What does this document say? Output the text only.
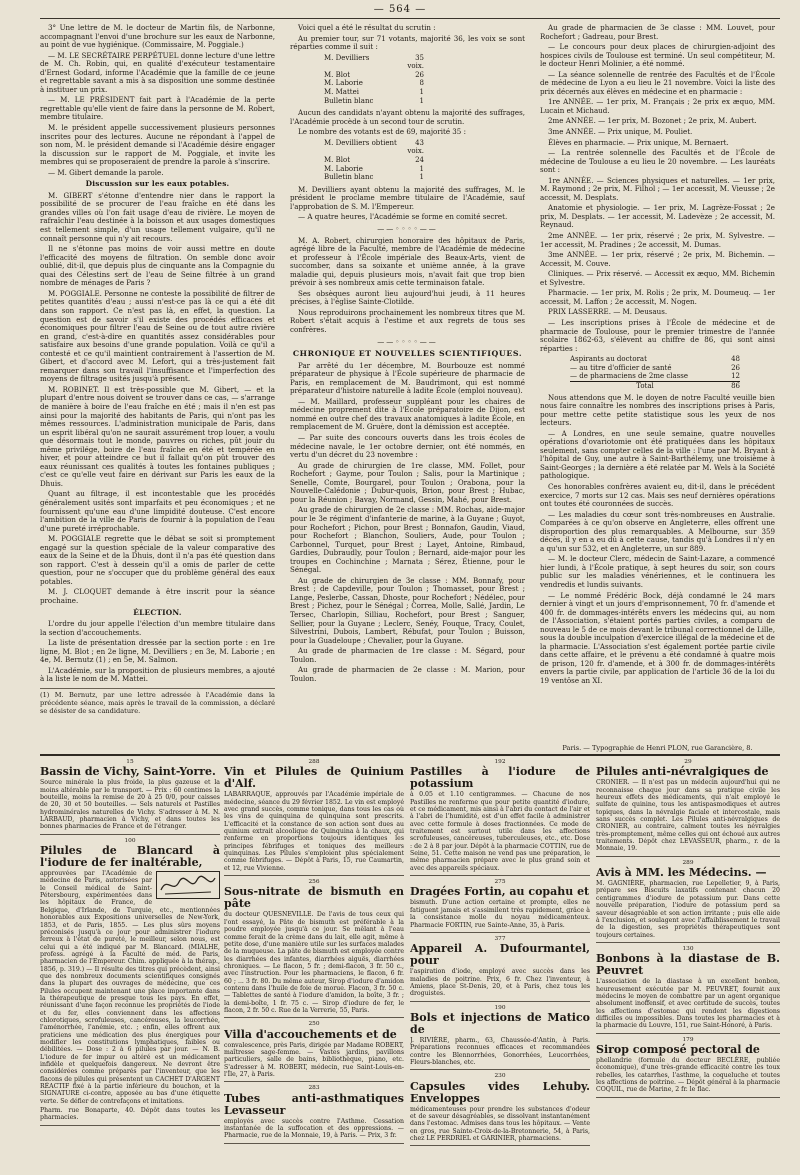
— 564 —

3° Une lettre de M. le docteur de Martin fils, de Narbonne, accompagnant l'envoi d'une brochure sur les eaux de Narbonne, au point de vue hygiénique. (Commissaire, M. Poggiale.)

— M. LE SECRÉTAIRE PERPÉTUEL donne lecture d'une lettre de M. Ch. Robin, qui, en qualité d'exécuteur testamentaire d'Ernest Godard, informe l'Académie que la famille de ce jeune et regrettable savant a mis à sa disposition une somme destinée à instituer un prix.

— M. LE PRÉSIDENT fait part à l'Académie de la perte regrettable qu'elle vient de faire dans la personne de M. Robert, membre titulaire.

M. le président appelle successivement plusieurs personnes inscrites pour des lectures. Aucune ne répondant à l'appel de son nom, M. le président demande si l'Académie désire engager la discussion sur le rapport de M. Poggiale, et invite les membres qui se proposeraient de prendre la parole à s'inscrire.

— M. Gibert demande la parole.

Discussion sur les eaux potables.

M. GIBERT s'étonne d'entendre nier dans le rapport la possibilité de se procurer de l'eau fraîche en été dans les grandes villes où l'on fait usage d'eau de rivière. Le moyen de rafraîchir l'eau destinée à la boisson et aux usages domestiques est tellement simple, d'un usage tellement vulgaire, qu'il ne connaît personne qui n'y ait recours.

Il ne s'étonne pas moins de voir aussi mettre en doute l'efficacité des moyens de filtration. On semble donc avoir oublié, dit-il, que depuis plus de cinquante ans la Compagnie du quai des Célestins sert de l'eau de Seine filtrée à un grand nombre de ménages de Paris ?

M. POGGIALE. Personne ne conteste la possibilité de filtrer de petites quantités d'eau ; aussi n'est-ce pas là ce qui a été dit dans son rapport. Ce n'est pas là, en effet, la question. La question est de savoir s'il existe des procédés efficaces et économiques pour filtrer l'eau de Seine ou de tout autre rivière en grand, c'est-à-dire en quantités assez considérables pour satisfaire aux besoins d'une grande population. Voilà ce qu'il a contesté et ce qu'il maintient contrairement à l'assertion de M. Gibert, et d'accord avec M. Lefort, qui a très-justement fait remarquer dans son travail l'insuffisance et l'imperfection des moyens de filtrage usités jusqu'à présent.

M. ROBINET. Il est très-possible que M. Gibert, — et la plupart d'entre nous doivent se trouver dans ce cas, — s'arrange de manière à boire de l'eau fraîche en été ; mais il n'en est pas ainsi pour la majorité des habitants de Paris, qui n'ont pas les mêmes ressources. L'administration municipale de Paris, dans un esprit libéral qu'on ne saurait assurément trop louer, a voulu que désormais tout le monde, pauvres ou riches, pût jouir du même privilége, boire de l'eau fraîche en été et tempérée en hiver, et pour atteindre ce but il fallait qu'on pût trouver des eaux réunissant ces qualités à toutes les fontaines publiques ; c'est ce qu'elle veut faire en dérivant sur Paris les eaux de la Dhuis.

Quant au filtrage, il est incontestable que les procédés généralement usités sont imparfaits et peu économiques ; et ne fournissent qu'une eau d'une limpidité douteuse. C'est encore l'ambition de la ville de Paris de fournir à la population de l'eau d'une pureté irréprochable.

M. POGGIALE regrette que le débat se soit si promptement engagé sur la question spéciale de la valeur comparative des eaux de la Seine et de la Dhuis, dont il n'a pas été question dans son rapport. C'est à dessein qu'il a omis de parler de cette question, pour ne s'occuper que du problème général des eaux potables.

M. J. CLOQUET demande à être inscrit pour la séance prochaine.

ÉLECTION.

L'ordre du jour appelle l'élection d'un membre titulaire dans la section d'accouchements.

La liste de présentation dressée par la section porte : en 1re ligne, M. Blot ; en 2e ligne, M. Devilliers ; en 3e, M. Laborie ; en 4e, M. Bernutz (1) ; en 5e, M. Salmon.

L'Académie, sur la proposition de plusieurs membres, a ajouté à la liste le nom de M. Mattei.

(1) M. Bernutz, par une lettre adressée à l'Académie dans la précédente séance, mais après le travail de la commission, a déclaré se désister de sa candidature.

Voici quel a été le résultat du scrutin :

Au premier tour, sur 71 votants, majorité 36, les voix se sont réparties comme il suit :

M. Devilliers	35 voix.
M. Blot	26
M. Laborie	8
M. Mattei	1
Bulletin blanc	1

Aucun des candidats n'ayant obtenu la majorité des suffrages, l'Académie procède à un second tour de scrutin.

Le nombre des votants est de 69, majorité 35 :

M. Devilliers obtient	43 voix.
M. Blot	24
M. Laborie	1
Bulletin blanc	1

M. Devilliers ayant obtenu la majorité des suffrages, M. le président le proclame membre titulaire de l'Académie, sauf l'approbation de S. M. l'Empereur.

— A quatre heures, l'Académie se forme en comité secret.

——◦◦◦◦——

M. A. Robert, chirurgien honoraire des hôpitaux de Paris, agrégé libre de la Faculté, membre de l'Académie de médecine et professeur à l'École impériale des Beaux-Arts, vient de succomber, dans sa soixante et unième année, à la grave maladie qui, depuis plusieurs mois, n'avait fait que trop bien prévoir à ses nombreux amis cette terminaison fatale.

Ses obsèques auront lieu aujourd'hui jeudi, à 11 heures précises, à l'église Sainte-Clotilde.

Nous reproduirons prochainement les nombreux titres que M. Robert s'était acquis à l'estime et aux regrets de tous ses confrères.

——◦◦◦◦——
CHRONIQUE ET NOUVELLES SCIENTIFIQUES.

Par arrêté du 1er décembre, M. Bourbouze est nommé préparateur de physique à l'École supérieure de pharmacie de Paris, en remplacement de M. Baudrimont, qui est nommé préparateur d'histoire naturelle à ladite École (emploi nouveau).

— M. Maillard, professeur suppléant pour les chaires de médecine proprement dite à l'École préparatoire de Dijon, est nommé en outre chef des travaux anatomiques à ladite École, en remplacement de M. Gruère, dont la démission est acceptée.

— Par suite des concours ouverts dans les trois écoles de médecine navale, le 1er octobre dernier, ont été nommés, en vertu d'un décret du 23 novembre :

Au grade de chirurgien de 1re classe, MM. Follet, pour Rochefort ; Gayme, pour Toulon ; Salis, pour la Martinique ; Senelle, Comte, Bourgarel, pour Toulon ; Orabona, pour la Nouvelle-Calédonie ; Dubur-quois, Brion, pour Brest ; Hubac, pour la Réunion ; Bavay, Normand, Gessin, Mahé, pour Brest.

Au grade de chirurgien de 2e classe : MM. Rochas, aide-major pour le 3e régiment d'infanterie de marine, à la Guyane ; Guyot, pour Rochefort ; Pichon, pour Brest ; Bonnafon, Gaudin, Viaud, pour Rochefort ; Blanchon, Souliers, Aude, pour Toulon ; Carbonnel, Turquet, pour Brest ; Layet, Antoine, Rimbaud, Gardies, Dubraudly, pour Toulon ; Bernard, aide-major pour les troupes en Cochinchine ; Marnata ; Sérez, Étienne, pour le Sénégal.

Au grade de chirurgien de 3e classe : MM. Bonnafy, pour Brest ; de Capdeville, pour Toulon ; Thomasset, pour Brest ; Lange, Peslerbe, Cassan, Dhoste, pour Rochefort ; Nédélec, pour Brest ; Pichez, pour le Sénégal ; Correa, Molle, Sallé, Jardin, Le Tersec, Charlopin, Silliau, Rochefort, pour Brest ; Sanguer, Sellier, pour la Guyane ; Leclerc, Senéy, Fouque, Tracy, Coulet, Silvestrini, Dubois, Lambert, Rébufat, pour Toulon ; Buisson, pour la Guadeloupe ; Chevalier, pour la Guyane.

Au grade de pharmacien de 1re classe : M. Ségard, pour Toulon.

Au grade de pharmacien de 2e classe : M. Marion, pour Toulon.

Au grade de pharmacien de 3e classe : MM. Louvet, pour Rochefort ; Gadreau, pour Brest.

— Le concours pour deux places de chirurgien-adjoint des hospices civils de Toulouse est terminé. Un seul compétiteur, M. le docteur Henri Molinier, a été nommé.

— La séance solennelle de rentrée des Facultés et de l'École de médecine de Lyon a eu lieu le 21 novembre. Voici la liste des prix décernés aux élèves en médecine et en pharmacie :

1re ANNÉE. — 1er prix, M. Français ; 2e prix ex æquo, MM. Lucain et Michaud.

2me ANNÉE. — 1er prix, M. Bozonet ; 2e prix, M. Aubert.

3me ANNÉE. — Prix unique, M. Pouliet.

Élèves en pharmacie. — Prix unique, M. Bernaert.

— La rentrée solennelle des Facultés et de l'École de médecine de Toulouse a eu lieu le 20 novembre. — Les lauréats sont :

1re ANNÉE. — Sciences physiques et naturelles. — 1er prix, M. Raymond ; 2e prix, M. Filhol ; — 1er accessit, M. Vieusse ; 2e accessit, M. Desplats.

Anatomie et physiologie. — 1er prix, M. Lagrèze-Fossat ; 2e prix, M. Desplats. — 1er accessit, M. Ladevèze ; 2e accessit, M. Reynaud.

2me ANNÉE. — 1er prix, réservé ; 2e prix, M. Sylvestre. — 1er accessit, M. Pradines ; 2e accessit, M. Dumas.

3me ANNÉE. — 1er prix, réservé ; 2e prix, M. Bichemin. — Accessit, M. Couve.

Cliniques. — Prix réservé. — Accessit ex æquo, MM. Bichemin et Sylvestre.

Pharmacie. — 1er prix, M. Rolis ; 2e prix, M. Doumeuq. — 1er accessit, M. Laffon ; 2e accessit, M. Nogen.

PRIX LASSERRE. — M. Deusaus.

— Les inscriptions prises à l'École de médecine et de pharmacie de Toulouse, pour le premier trimestre de l'année scolaire 1862-63, s'élèvent au chiffre de 86, qui sont ainsi réparties :

Aspirants au doctorat	48
— au titre d'officier de santé	26
— de pharmaciens de 2me classe	12
Total	86

Nous attendons que M. le doyen de notre Faculté veuille bien nous faire connaître les nombres des inscriptions prises à Paris, pour mettre cette petite statistique sous les yeux de nos lecteurs.

— A Londres, en une seule semaine, quatre nouvelles opérations d'ovariotomie ont été pratiquées dans les hôpitaux seulement, sans compter celles de la ville : l'une par M. Bryant à l'hôpital de Guy, une autre à Saint-Barthélemy, une troisième à Saint-Georges ; la dernière a été relatée par M. Wels à la Société pathologique.

Ces honorables confrères avaient eu, dit-il, dans le précédent exercice, 7 morts sur 12 cas. Mais ses neuf dernières opérations ont toutes été couronnées de succès.

— Les maladies du cœur sont très-nombreuses en Australie. Comparées à ce qu'on observe en Angleterre, elles offrent une disproportion des plus remarquables. A Melbourne, sur 359 décès, il y en a eu dû à cette cause, tandis qu'à Londres il n'y en a qu'un sur 532, et en Angleterre, un sur 889.

— M. le docteur Clerc, médecin de Saint-Lazare, a commencé hier lundi, à l'École pratique, à sept heures du soir, son cours public sur les maladies vénériennes, et le continuera les vendredis et lundis suivants.

— Le nommé Frédéric Bock, déjà condamné le 24 mars dernier à vingt et un jours d'emprisonnement, 70 fr. d'amende et 400 fr. de dommages-intérêts envers les médecins qui, au nom de l'Association, s'étaient portés parties civiles, a comparu de nouveau le 5 de ce mois devant le tribunal correctionnel de Lille, sous la double inculpation d'exercice illégal de la médecine et de la pharmacie. L'Association s'est également portée partie civile dans cette affaire, et le prévenu a été condamné à quatre mois de prison, 120 fr. d'amende, et à 300 fr. de dommages-intérêts envers la partie civile, par application de l'article 36 de la loi du 19 ventôse an XI.

Paris. — Typographie de Henri PLON, rue Garancière, 8.
15
Bassin de Vichy, Saint-Yorre.
Source minérale la plus froide, la plus gazeuse et la moins altérable par le transport. — Prix : 60 centimes la bouteille, moins la remise de 20 à 25 0/0, pour caisses de 20, 30 et 50 bouteilles. — Sels naturels et Pastilles hydrominérales naturelles de Vichy. S'adresser à M. N. LARBAUD, pharmacien à Vichy, et dans toutes les bonnes pharmacies de France et de l'étranger.
100
Pilules de Blancard à l'iodure de fer inaltérable,
approuvées par l'Académie de médecine de Paris, autorisées par le Conseil médical de Saint-Pétersbourg, expérimentées dans les hôpitaux de France, de Belgique, d'Irlande, de Turquie, etc., mentionnées honorables aux Expositions universelles de New-York, 1853, et de Paris, 1855. — Les plus sûrs moyens préconisés jusqu'à ce jour pour administrer l'iodure ferreux à l'état de pureté, le meilleur, selon nous, est celui qui a été indiqué par M. Blancard. (MIALHE, profess. agrégé à la Faculté de méd. de Paris, pharmacien de l'Empereur. Chim. appliquée à la thérap., 1856, p. 319.) — Il résulte des titres qui précèdent, ainsi que des nombreux documents scientifiques consignés dans la plupart des ouvrages de médecine, que ces Pilules occupent maintenant une place importante dans la thérapeutique de presque tous les pays. En effet, réunissant d'une façon reconnue les propriétés de l'iode et du fer, elles conviennent dans les affections chlorotiques, scrofuleuses, cancéreuses, la leucorrhée, l'aménorrhée, l'anémie, etc. ; enfin, elles offrent aux praticiens une médication des plus énergiques pour modifier les constitutions lymphatiques, faibles ou débilitées. — Dose : 2 à 6 pilules par jour. — N. B. L'iodure de fer impur ou altéré est un médicament infidèle et quelquefois dangereux. Ne devront être considérées comme préparés par l'inventeur, que les flacons de pilules qui présentent un CACHET D'ARGENT RÉACTIF fixé à la partie inférieure du bouchon, et la SIGNATURE ci-contre, apposée au bas d'une étiquette verte. Se défier de contrefaçons et imitations.
Pharm. rue Bonaparte, 40. Dépôt dans toutes les pharmacies.
288
Vin et Pilules de Quinium d'Alf.
LABARRAQUE, approuvés par l'Académie impériale de médecine, séance du 29 février 1852. Le vin est employé avec grand succès, comme tonique, dans tous les cas où les vins de quinquina de quinquina sont prescrits. L'efficacité et la constance de son action sont dues au quinium extrait alcoolique de Quinquina à la chaux, qui renferme en proportions toujours identiques les principes fébrifuges et toniques des meilleurs quinquinas. Les Pilules s'emploient plus spécialement comme fébrifuges. — Dépôt à Paris, 15, rue Caumartin, et 12, rue Vivienne.
256
Sous-nitrate de bismuth en pâte
du docteur QUESNEVILLE. De l'avis de tous ceux qui l'ont essayé, la Pâte de bismuth est préférable à la poudre employée jusqu'à ce jour. Se mêlant à l'eau comme ferait de la crème dans du lait, elle agit, même à petite dose, d'une manière utile sur les surfaces malades de la muqueuse. La pâte de bismuth est employée contre les diarrhées des infantes, diarrhées aiguës, diarrhées chroniques. — Le flacon, 5 fr. ; demi-flacon, 3 fr. 50 c., avec l'instruction. Pour les pharmaciens, le flacon, 6 fr. 60 ; ... 3 fr. 80. Du même auteur, Sirop d'iodure d'amidon contenu dans l'huile de foie de morue. Flacon, 3 fr. 50 c. — Tablettes de santé à l'iodure d'amidon, la boîte, 3 fr. ; la demi-boîte, 1 fr. 75 c. — Sirop d'iodure de fer, le flacon, 2 fr. 50 c. Rue de la Verrerie, 55, Paris.
250
Villa d'accouchements et de
convalescence, près Paris, dirigée par Madame ROBERT, maîtresse sage-femme. — Vastes jardins, pavillons particuliers, salle de bains, bibliothèque, piano, etc. S'adresser à M. ROBERT, médecin, rue Saint-Louis-en-l'Île, 27, à Paris.
283
Tubes anti-asthmatiques Levasseur
employés avec succès contre l'Asthme. Cessation instantanée de la suffocation et des oppressions. — Pharmacie, rue de la Monnaie, 19, à Paris. — Prix, 3 fr.
192
Pastilles à l'iodure de potassium
à 0.05 et 1.10 centigrammes. — Chacune de nos Pastilles ne renferme que pour petite quantité d'iodure, et ce médicament, mis ainsi à l'abri du contact de l'air et à l'abri de l'humidité, est d'un effet facile à administrer avec cette formule à doses fractionnées. Ce mode de traitement est surtout utile dans les affections scrofuleuses, cancéreuses, tuberculeuses, etc., etc. Dose : de 2 à 8 par jour. Dépôt à la pharmacie COTTIN, rue de Seine, 51. Cette maison ne vend pas une préparation, le même pharmacien prépare avec le plus grand soin et avec des appareils spéciaux.
275
Dragées Fortin, au copahu et
bismuth. D'une action certaine et prompte, elles ne fatiguent jamais et s'assimilent très rapidement, grâce à la consistance molle du noyau médicamenteux. Pharmacie FORTIN, rue Sainte-Anne, 35, à Paris.
377
Appareil A. Dufourmantel, pour
l'aspiration d'iode, employé avec succès dans les maladies de poitrine. Prix, 6 fr. Chez l'inventeur, à Amiens, place St-Denis, 20, et à Paris, chez tous les droguistes.
190
Bols et injections de Matico de
J. RIVIÈRE, pharm., 63, Chaussée-d'Antin, à Paris. Préparations reconnues efficaces et recommandées contre les Blennorrhées, Gonorrhées, Leucorrhées, Fleurs-blanches, etc.
230
Capsules vides Lehuby. Enveloppes
médicamenteuses pour prendre les substances d'odeur et de saveur désagréables, se dissolvant instantanément dans l'estomac. Admises dans tous les hôpitaux. — Vente en gros, rue Sainte-Croix-de-la-Bretonnerie, 54, à Paris, chez LE PERDRIEL et GARINIER, pharmaciens.
29
Pilules anti-névralgiques de
CRONIER. — Il n'est pas un médecin aujourd'hui qui ne reconnaisse chaque jour dans sa pratique civile les heureux effets des médicaments, qui n'ait employé le sulfate de quinine, tous les antispasmodiques et autres topiques, dans la névralgie faciale et intercostale, mais sans succès complet. Les Pilules anti-névralgiques de CRONIER, au contraire, calment toutes les névralgies très-promptement, même celles qui ont échoué aux autres traitements. Dépôt chez LEVASSEUR, pharm., r. de la Monnaie, 19.
289
Avis à MM. les Médecins. —
M. GAGNIÈRE, pharmacien, rue Lepelletier, 9, à Paris, prépare ses Biscuits laxatifs contenant chacun 20 centigrammes d'iodure de potassium pur. Dans cette nouvelle préparation, l'iodure de potassium perd sa saveur désagréable et son action irritante ; puis elle aide à l'exclusion, et soulagent avec l'affaiblissement le travail de la digestion, ses propriétés thérapeutiques sont toujours certaines.
130
Bonbons à la diastase de B. Peuvret
L'association de la diastase à un excellent bonbon, heureusement exécutée par M. PEUVRET, fournit aux médecins le moyen de combattre par un agent organique absolument inoffensif, et avec certitude de succès, toutes les affections d'estomac qui rendent les digestions difficiles ou impossibles. Dans toutes les pharmacies et à la pharmacie du Louvre, 151, rue Saint-Honoré, à Paris.
179
Sirop composé pectoral de
phellandrie (formule du docteur BECLÈRE, publiée économique), d'une très-grande efficacité contre les toux rebelles, les catarrhes, l'asthme, la coqueluche et toutes les affections de poitrine. — Dépôt général à la pharmacie COQUIL, rue de Marine, 2 fr. le flac.
